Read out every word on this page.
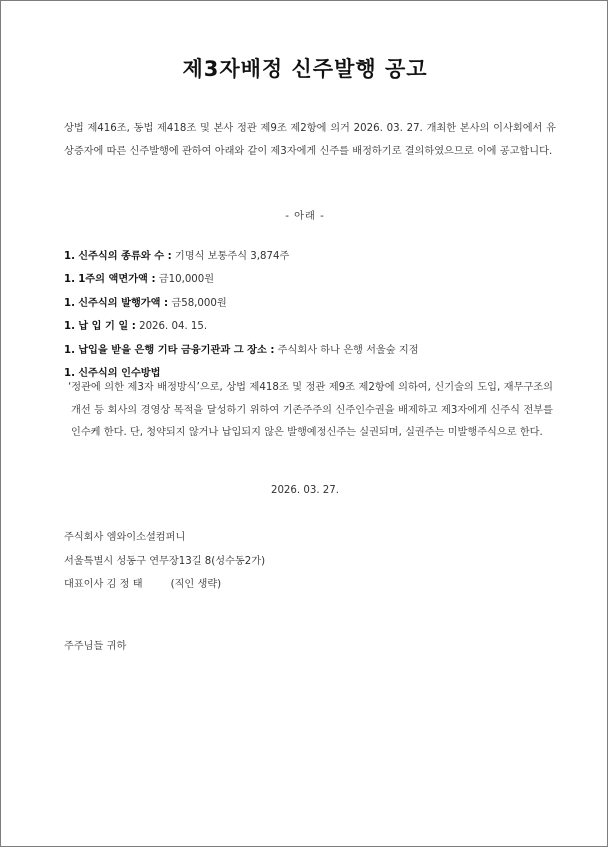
제3자배정 신주발행 공고
상법 제416조, 동법 제418조 및 본사 정관 제9조 제2항에 의거 2026. 03. 27. 개최한 본사의 이사회에서 유상증자에 따른 신주발행에 관하여 아래와 같이 제3자에게 신주를 배정하기로 결의하였으므로 이에 공고합니다.
- 아래 -
1. 신주식의 종류와 수 : 기명식 보통주식 3,874주
1. 1주의 액면가액 : 금10,000원
1. 신주식의 발행가액 : 금58,000원
1. 납 입 기 일 : 2026. 04. 15.
1. 납입을 받을 은행 기타 금융기관과 그 장소 : 주식회사 하나 은행 서울숲 지점
1. 신주식의 인수방법
‘정관에 의한 제3자 배정방식’으로, 상법 제418조 및 정관 제9조 제2항에 의하여, 신기술의 도입, 재무구조의 개선 등 회사의 경영상 목적을 달성하기 위하여 기존주주의 신주인수권을 배제하고 제3자에게 신주식 전부를 인수케 한다. 단, 청약되지 않거나 납입되지 않은 발행예정신주는 실권되며, 실권주는 미발행주식으로 한다.
2026. 03. 27.
주식회사 엠와이소셜컴퍼니
서울특별시 성동구 연무장13길 8(성수동2가)
대표이사 김 정 태	(직인 생략)
주주님들 귀하
